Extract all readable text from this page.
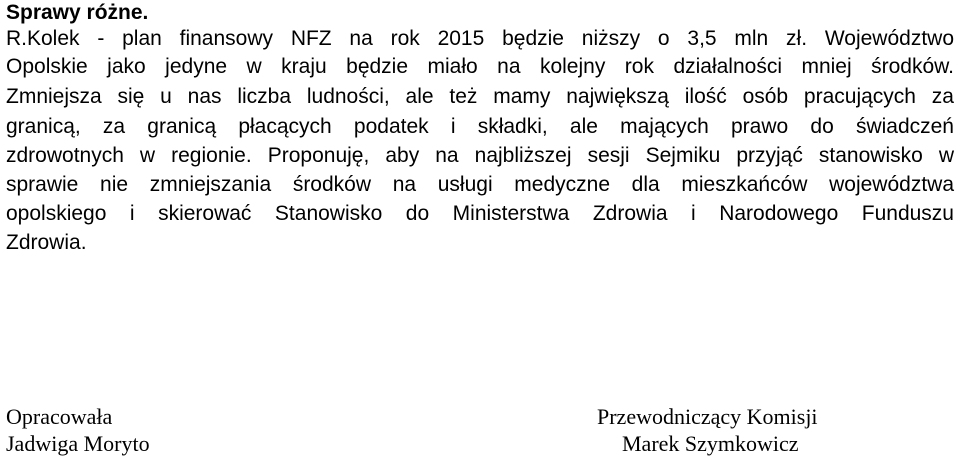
Sprawy różne.

R.Kolek - plan finansowy NFZ na rok 2015 będzie niższy o 3,5 mln zł. Województwo

Opolskie jako jedyne w kraju będzie miało na kolejny rok działalności mniej środków.

Zmniejsza się u nas liczba ludności, ale też mamy największą ilość osób pracujących za

granicą, za granicą płacących podatek i składki, ale mających prawo do świadczeń

zdrowotnych w regionie. Proponuję, aby na najbliższej sesji Sejmiku przyjąć stanowisko w

sprawie nie zmniejszania środków na usługi medyczne dla mieszkańców województwa

opolskiego i skierować Stanowisko do Ministerstwa Zdrowia i Narodowego Funduszu

Zdrowia.

Opracowała
Jadwiga Moryto
Przewodniczący Komisji
Marek Szymkowicz
